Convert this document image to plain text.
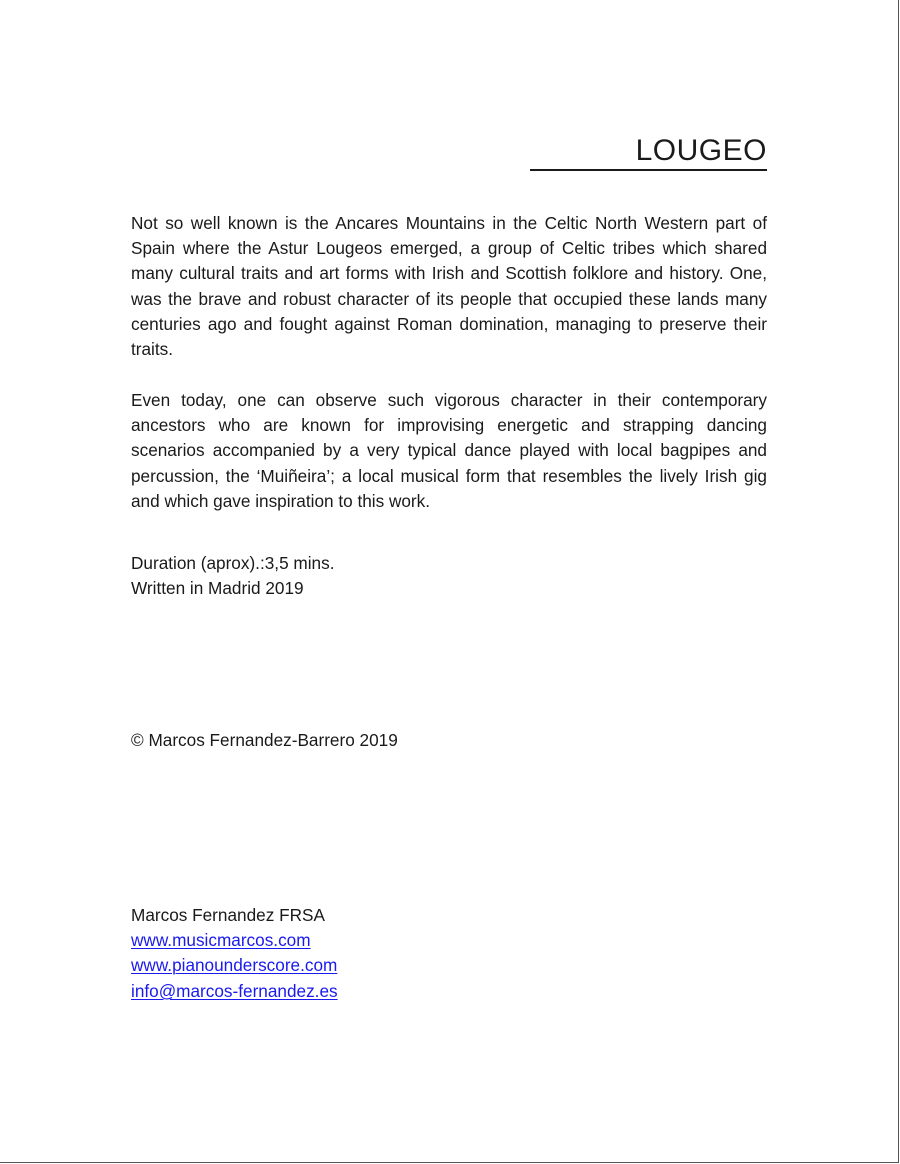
LOUGEO

Not so well known is the Ancares Mountains in the Celtic North Western part of Spain where the Astur Lougeos emerged, a group of Celtic tribes which shared many cultural traits and art forms with Irish and Scottish folklore and history. One, was the brave and robust character of its people that occupied these lands many centuries ago and fought against Roman domination, managing to preserve their traits.

Even today, one can observe such vigorous character in their contemporary ancestors who are known for improvising energetic and strapping dancing scenarios accompanied by a very typical dance played with local bagpipes and percussion, the ‘Muiñeira’; a local musical form that resembles the lively Irish gig and which gave inspiration to this work.

Duration (aprox).:3,5 mins.
Written in Madrid 2019
© Marcos Fernandez-Barrero 2019
Marcos Fernandez FRSA
www.musicmarcos.com
www.pianounderscore.com
info@marcos-fernandez.es
